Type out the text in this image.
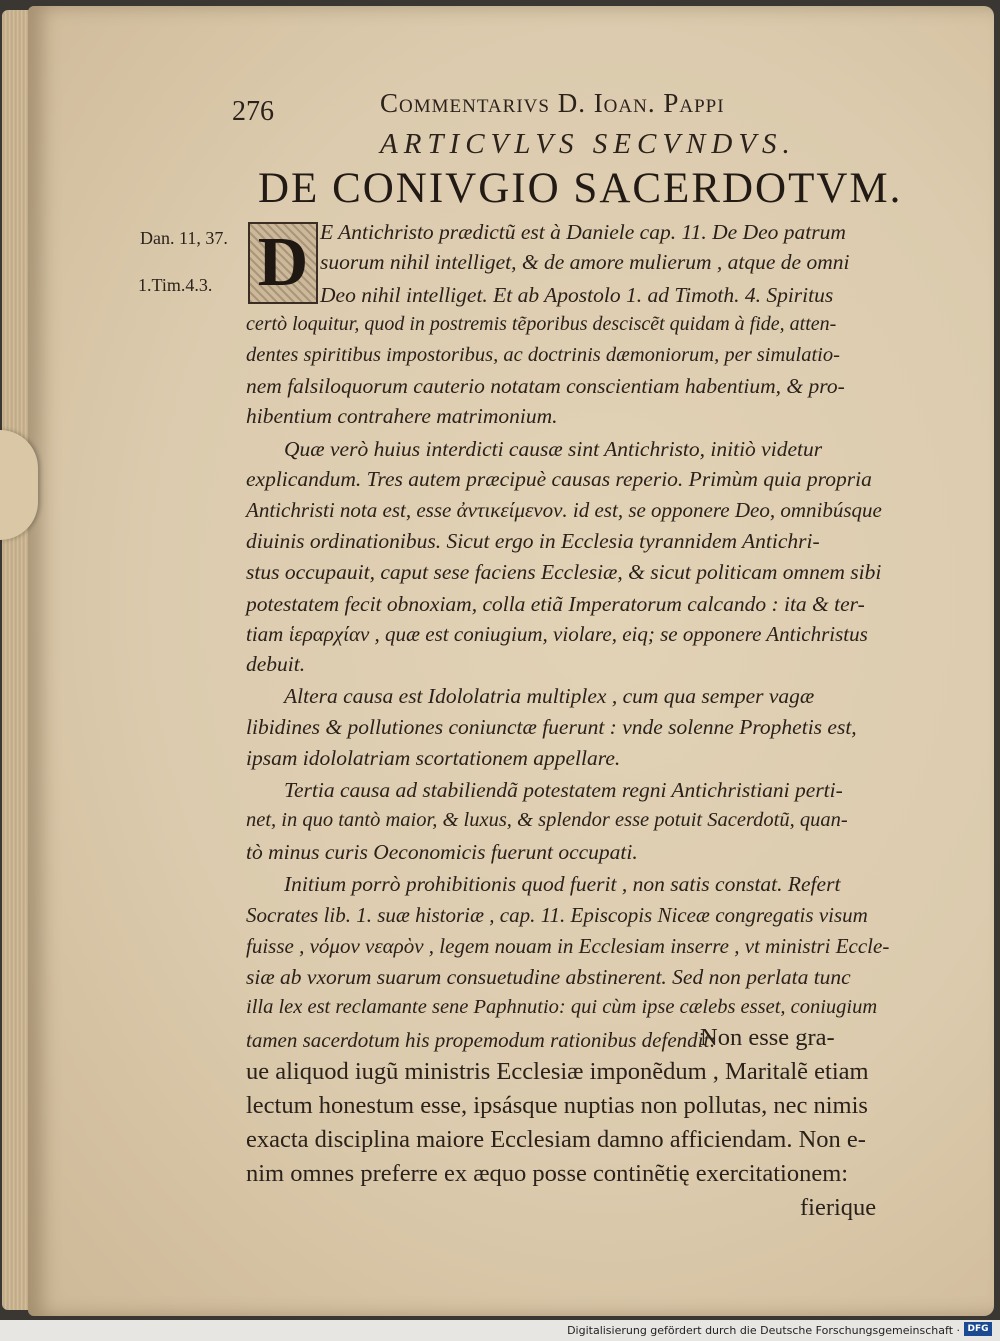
276	Commentarivs D. Ioan. Pappi
ARTICVLVS SECVNDVS.
DE CONIVGIO SACERDOTVM.
Dan. 11, 37.
1.Tim.4.3. D E Antichristo prædictũ est à Daniele cap. 11. De Deo patrum
suorum nihil intelliget, & de amore mulierum , atque de omni
Deo nihil intelliget. Et ab Apostolo 1. ad Timoth. 4. Spiritus
certò loquitur, quod in postremis tẽporibus desciscẽt quidam à fide, atten-
dentes spiritibus impostoribus, ac doctrinis dæmoniorum, per simulatio-
nem falsiloquorum cauterio notatam conscientiam habentium, & pro-
hibentium contrahere matrimonium.
Quæ verò huius interdicti causæ sint Antichristo, initiò videtur
explicandum. Tres autem præcipuè causas reperio. Primùm quia propria
Antichristi nota est, esse ἀντικείμενον. id est, se opponere Deo, omnibúsque
diuinis ordinationibus. Sicut ergo in Ecclesia tyrannidem Antichri-
stus occupauit, caput sese faciens Ecclesiæ, & sicut politicam omnem sibi
potestatem fecit obnoxiam, colla etiã Imperatorum calcando : ita & ter-
tiam ἱεραρχίαν , quæ est coniugium, violare, eiq; se opponere Antichristus
debuit.
Altera causa est Idololatria multiplex , cum qua semper vagæ
libidines & pollutiones coniunctæ fuerunt : vnde solenne Prophetis est,
ipsam idololatriam scortationem appellare.
Tertia causa ad stabiliendã potestatem regni Antichristiani perti-
net, in quo tantò maior, & luxus, & splendor esse potuit Sacerdotũ, quan-
tò minus curis Oeconomicis fuerunt occupati.
Initium porrò prohibitionis quod fuerit , non satis constat. Refert
Socrates lib. 1. suæ historiæ , cap. 11. Episcopis Niceæ congregatis visum
fuisse , νόμον νεαρὸν , legem nouam in Ecclesiam inserre , vt ministri Eccle-
siæ ab vxorum suarum consuetudine abstinerent. Sed non perlata tunc
illa lex est reclamante sene Paphnutio: qui cùm ipse cælebs esset, coniugium
tamen sacerdotum his propemodum rationibus defendit:
Non esse gra-
ue aliquod iugũ ministris Ecclesiæ imponẽdum , Maritalẽ etiam
lectum honestum esse, ipsásque nuptias non pollutas, nec nimis
exacta disciplina maiore Ecclesiam damno afficiendam. Non e-
nim omnes preferre ex æquo posse continẽtię exercitationem:
fierique
Digitalisierung gefördert durch die Deutsche Forschungsgemeinschaft · DFG
